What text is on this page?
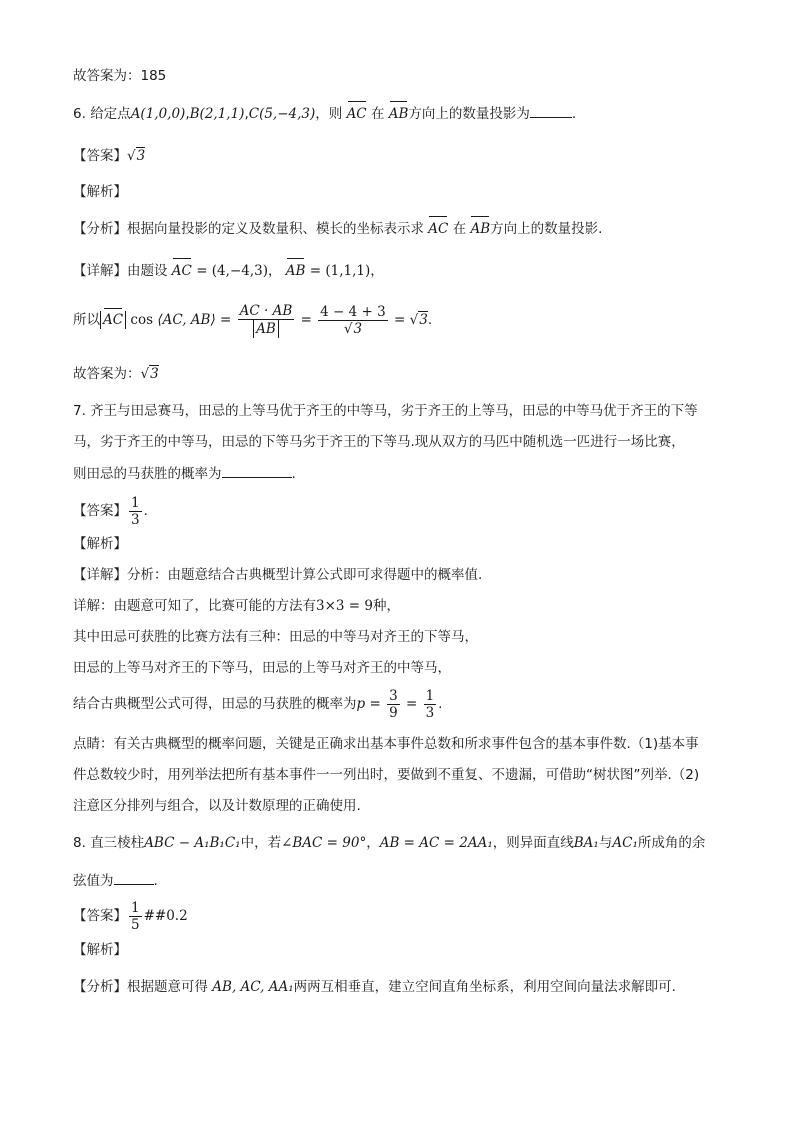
故答案为：185
6. 给定点A(1,0,0),B(2,1,1),C(5,−4,3)，则 AC 在 AB方向上的数量投影为	.
【答案】√3
【解析】
【分析】根据向量投影的定义及数量积、模长的坐标表示求 AC 在 AB方向上的数量投影.
【详解】由题设 AC = (4,−4,3)， AB = (1,1,1)，
所以 AC cos ⟨AC, AB⟩ = $\frac{AC \cdot AB}{AB} = \frac{4 - 4 + 3}{√3} = √3$.
故答案为：√3
7. 齐王与田忌赛马，田忌的上等马优于齐王的中等马，劣于齐王的上等马，田忌的中等马优于齐王的下等
马，劣于齐王的中等马，田忌的下等马劣于齐王的下等马.现从双方的马匹中随机选一匹进行一场比赛，
则田忌的马获胜的概率为	.
【答案】 $\frac{1}{3}$ .
【解析】
【详解】分析：由题意结合古典概型计算公式即可求得题中的概率值.
详解：由题意可知了，比赛可能的方法有3×3 = 9种，
其中田忌可获胜的比赛方法有三种：田忌的中等马对齐王的下等马，
田忌的上等马对齐王的下等马，田忌的上等马对齐王的中等马，
结合古典概型公式可得，田忌的马获胜的概率为$p = \frac{3}{9} = \frac{1}{3}$ .
点睛：有关古典概型的概率问题，关键是正确求出基本事件总数和所求事件包含的基本事件数.（1)基本事
件总数较少时，用列举法把所有基本事件一一列出时，要做到不重复、不遗漏，可借助“树状图”列举.（2)
注意区分排列与组合，以及计数原理的正确使用.
8. 直三棱柱ABC − A₁B₁C₁中，若∠BAC = 90°，AB = AC = 2AA₁，则异面直线BA₁与AC₁所成角的余
弦值为	.
【答案】 $\frac{1}{5}$ ##0.2
【解析】
【分析】根据题意可得 AB, AC, AA₁两两互相垂直，建立空间直角坐标系，利用空间向量法求解即可.
